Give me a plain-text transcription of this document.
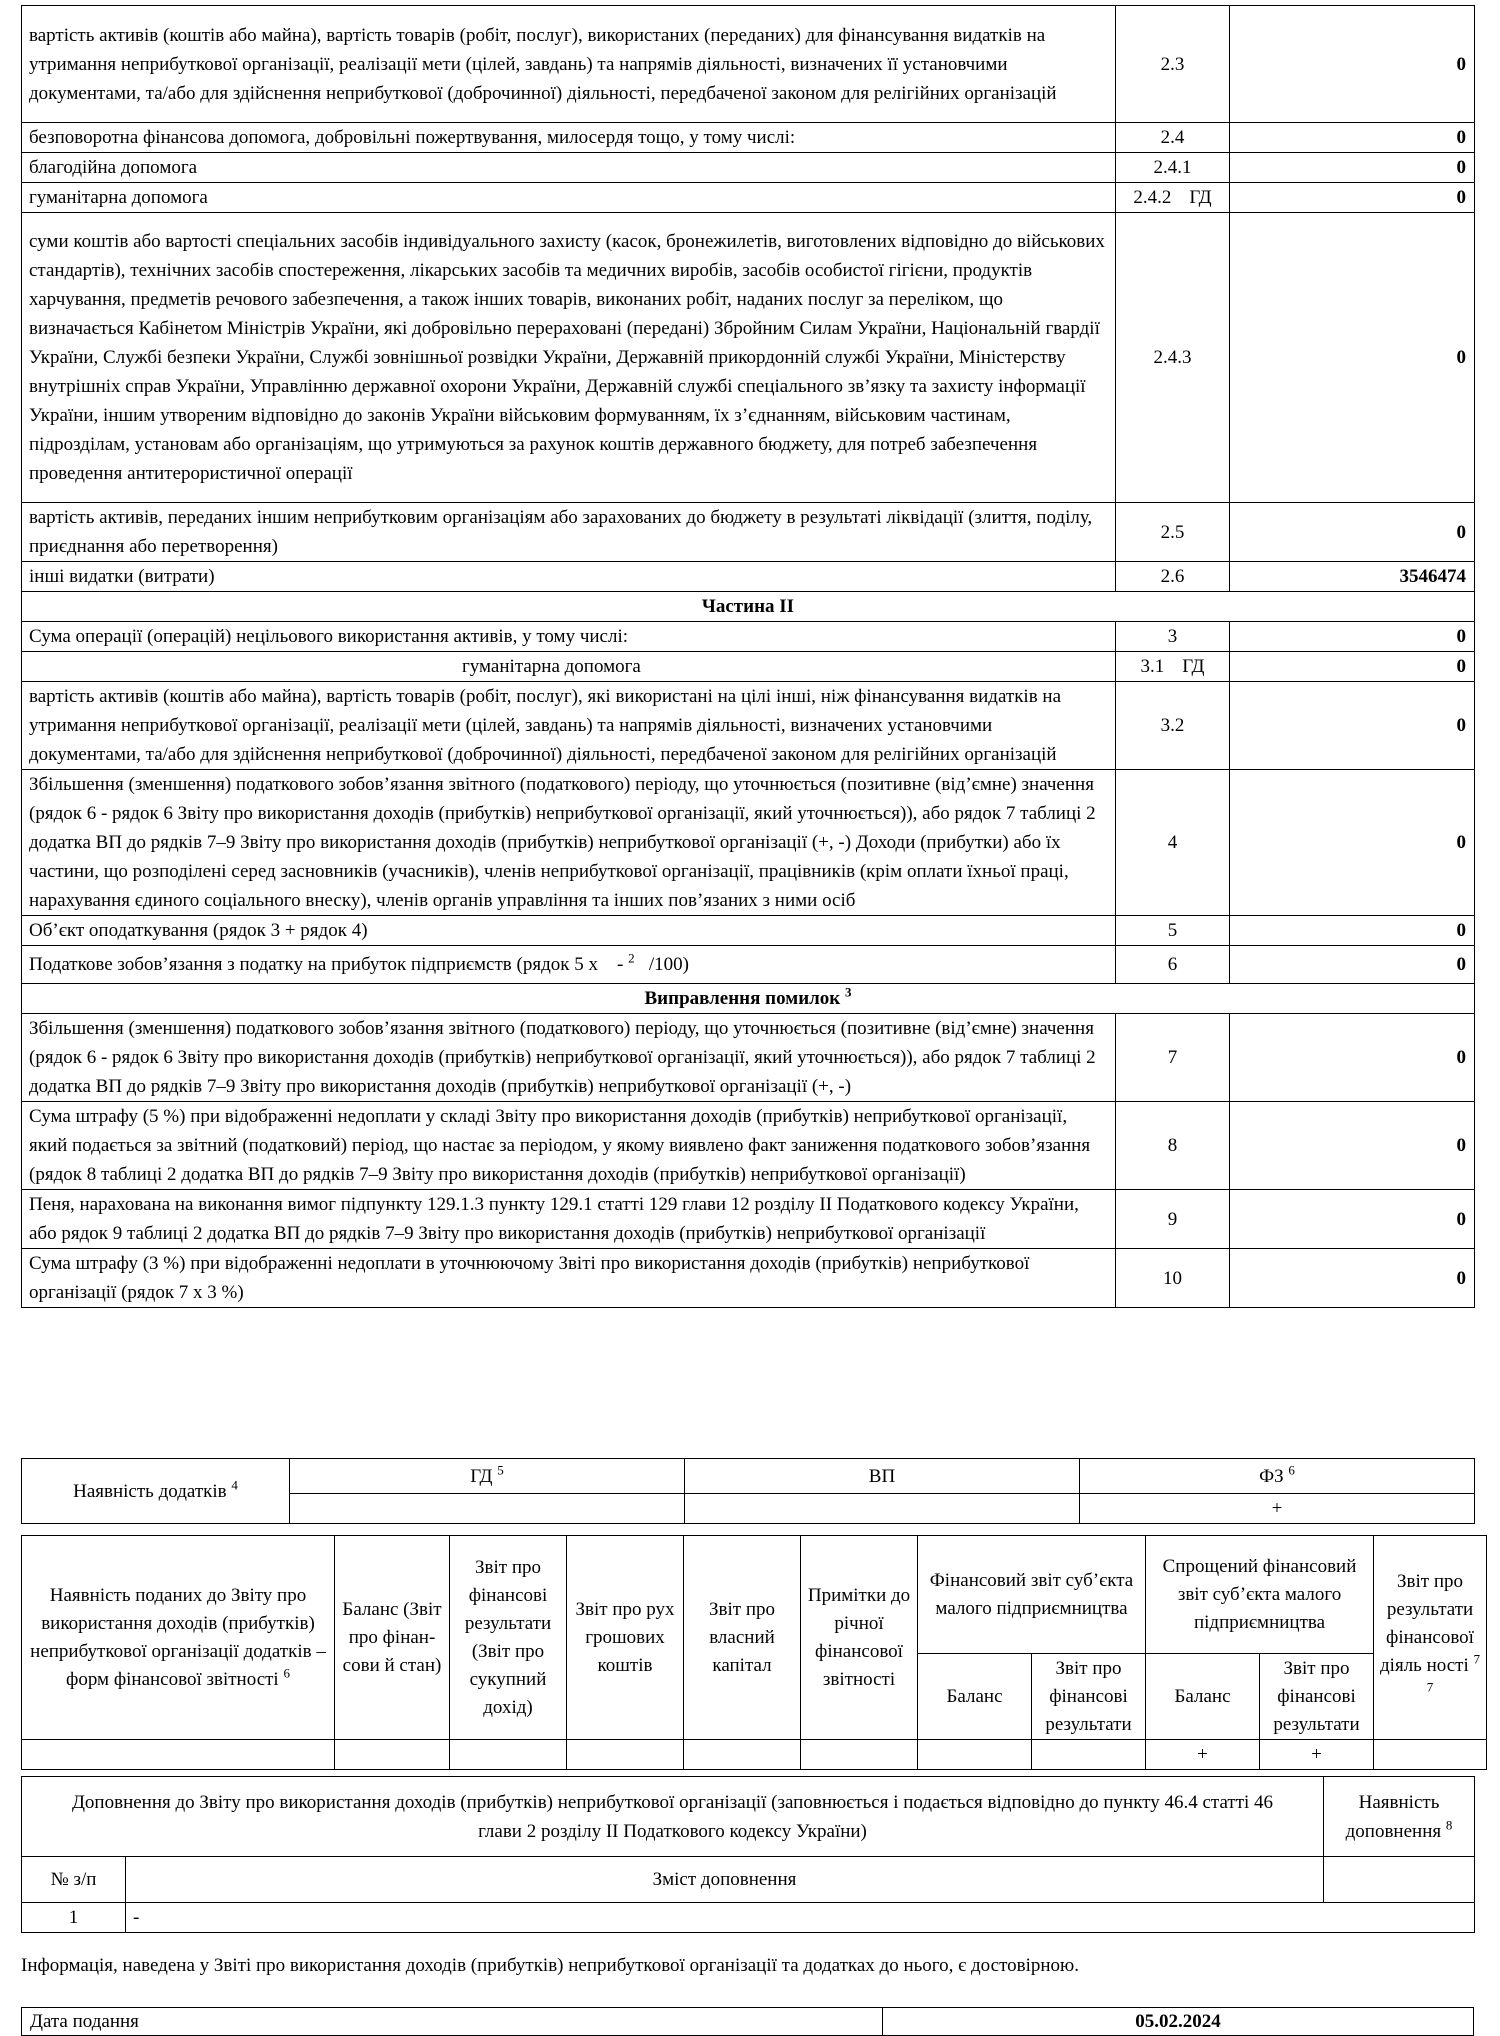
вартість активів (коштів або майна), вартість товарів (робіт, послуг), використаних (переданих) для фінансування видатків на утримання неприбуткової організації, реалізації мети (цілей, завдань) та напрямів діяльності, визначених її установчими документами, та/або для здійснення неприбуткової (доброчинної) діяльності, передбаченої законом для релігійних організацій	2.3	0
безповоротна фінансова допомога, добровільні пожертвування, милосердя тощо, у тому числі:	2.4	0
благодійна допомога	2.4.1	0
гуманітарна допомога	2.4.2 ГД	0
суми коштів або вартості спеціальних засобів індивідуального захисту (касок, бронежилетів, виготовлених відповідно до військових стандартів), технічних засобів спостереження, лікарських засобів та медичних виробів, засобів особистої гігієни, продуктів харчування, предметів речового забезпечення, а також інших товарів, виконаних робіт, наданих послуг за переліком, що визначається Кабінетом Міністрів України, які добровільно перераховані (передані) Збройним Силам України, Національній гвардії України, Службі безпеки України, Службі зовнішньої розвідки України, Державній прикордонній службі України, Міністерству внутрішніх справ України, Управлінню державної охорони України, Державній службі спеціального зв’язку та захисту інформації України, іншим утвореним відповідно до законів України військовим формуванням, їх з’єднанням, військовим частинам, підрозділам, установам або організаціям, що утримуються за рахунок коштів державного бюджету, для потреб забезпечення проведення антитерористичної операції	2.4.3	0
вартість активів, переданих іншим неприбутковим організаціям або зарахованих до бюджету в результаті ліквідації (злиття, поділу, приєднання або перетворення)	2.5	0
інші видатки (витрати)	2.6	3546474
Частина II		
Сума операції (операцій) нецільового використання активів, у тому числі:	3	0
гуманітарна допомога	3.1 ГД	0
вартість активів (коштів або майна), вартість товарів (робіт, послуг), які використані на цілі інші, ніж фінансування видатків на утримання неприбуткової організації, реалізації мети (цілей, завдань) та напрямів діяльності, визначених установчими документами, та/або для здійснення неприбуткової (доброчинної) діяльності, передбаченої законом для релігійних організацій	3.2	0
Збільшення (зменшення) податкового зобов’язання звітного (податкового) періоду, що уточнюється (позитивне (від’ємне) значення (рядок 6 - рядок 6 Звіту про використання доходів (прибутків) неприбуткової організації, який уточнюється)), або рядок 7 таблиці 2 додатка ВП до рядків 7–9 Звіту про використання доходів (прибутків) неприбуткової організації (+, -) Доходи (прибутки) або їх частини, що розподілені серед засновників (учасників), членів неприбуткової організації, працівників (крім оплати їхньої праці, нарахування єдиного соціального внеску), членів органів управління та інших пов’язаних з ними осіб	4	0
Об’єкт оподаткування (рядок 3 + рядок 4)	5	0
Податкове зобов’язання з податку на прибуток підприємств (рядок 5 x - $^2$ /100)	6	0
Виправлення помилок $^3$
Збільшення (зменшення) податкового зобов’язання звітного (податкового) періоду, що уточнюється (позитивне (від’ємне) значення (рядок 6 - рядок 6 Звіту про використання доходів (прибутків) неприбуткової організації, який уточнюється)), або рядок 7 таблиці 2 додатка ВП до рядків 7–9 Звіту про використання доходів (прибутків) неприбуткової організації (+, -)	7	0
Сума штрафу (5 %) при відображенні недоплати у складі Звіту про використання доходів (прибутків) неприбуткової організації, який подається за звітний (податковий) період, що настає за періодом, у якому виявлено факт заниження податкового зобов’язання (рядок 8 таблиці 2 додатка ВП до рядків 7–9 Звіту про використання доходів (прибутків) неприбуткової організації)	8	0
Пеня, нарахована на виконання вимог підпункту 129.1.3 пункту 129.1 статті 129 глави 12 розділу II Податкового кодексу України, або рядок 9 таблиці 2 додатка ВП до рядків 7–9 Звіту про використання доходів (прибутків) неприбуткової організації	9	0
Сума штрафу (3 %) при відображенні недоплати в уточнюючому Звіті про використання доходів (прибутків) неприбуткової організації (рядок 7 x 3 %)	10	0
Наявність додатків $^4$	ГД $^5$	ВП	ФЗ $^6$
			+
Наявність поданих до Звіту про використання доходів (прибутків) неприбуткової організації додатків – форм фінансової звітності $^6$	Баланс (Звіт про фінан-сови й стан)	Звіт про фінансові результати (Звіт про сукупний дохід)	Звіт про рух грошових коштів	Звіт про власний капітал	Примітки до річної фінансової звітності	Фінансовий звіт суб’єкта малого підприємництва		Спрощений фінансовий звіт суб’єкта малого підприємництва		Звіт про результати фінансової діяль ності $^7$ $^7$
						Баланс	Звіт про фінансові результати	Баланс	Звіт про фінансові результати	
								+	+	
Доповнення до Звіту про використання доходів (прибутків) неприбуткової організації (заповнюється і подається відповідно до пункту 46.4 статті 46 глави 2 розділу II Податкового кодексу України)		Наявність доповнення $^8$
№ з/п	Зміст доповнення	
1	-	
Інформація, наведена у Звіті про використання доходів (прибутків) неприбуткової організації та додатках до нього, є достовірною.
Дата подання	05.02.2024
